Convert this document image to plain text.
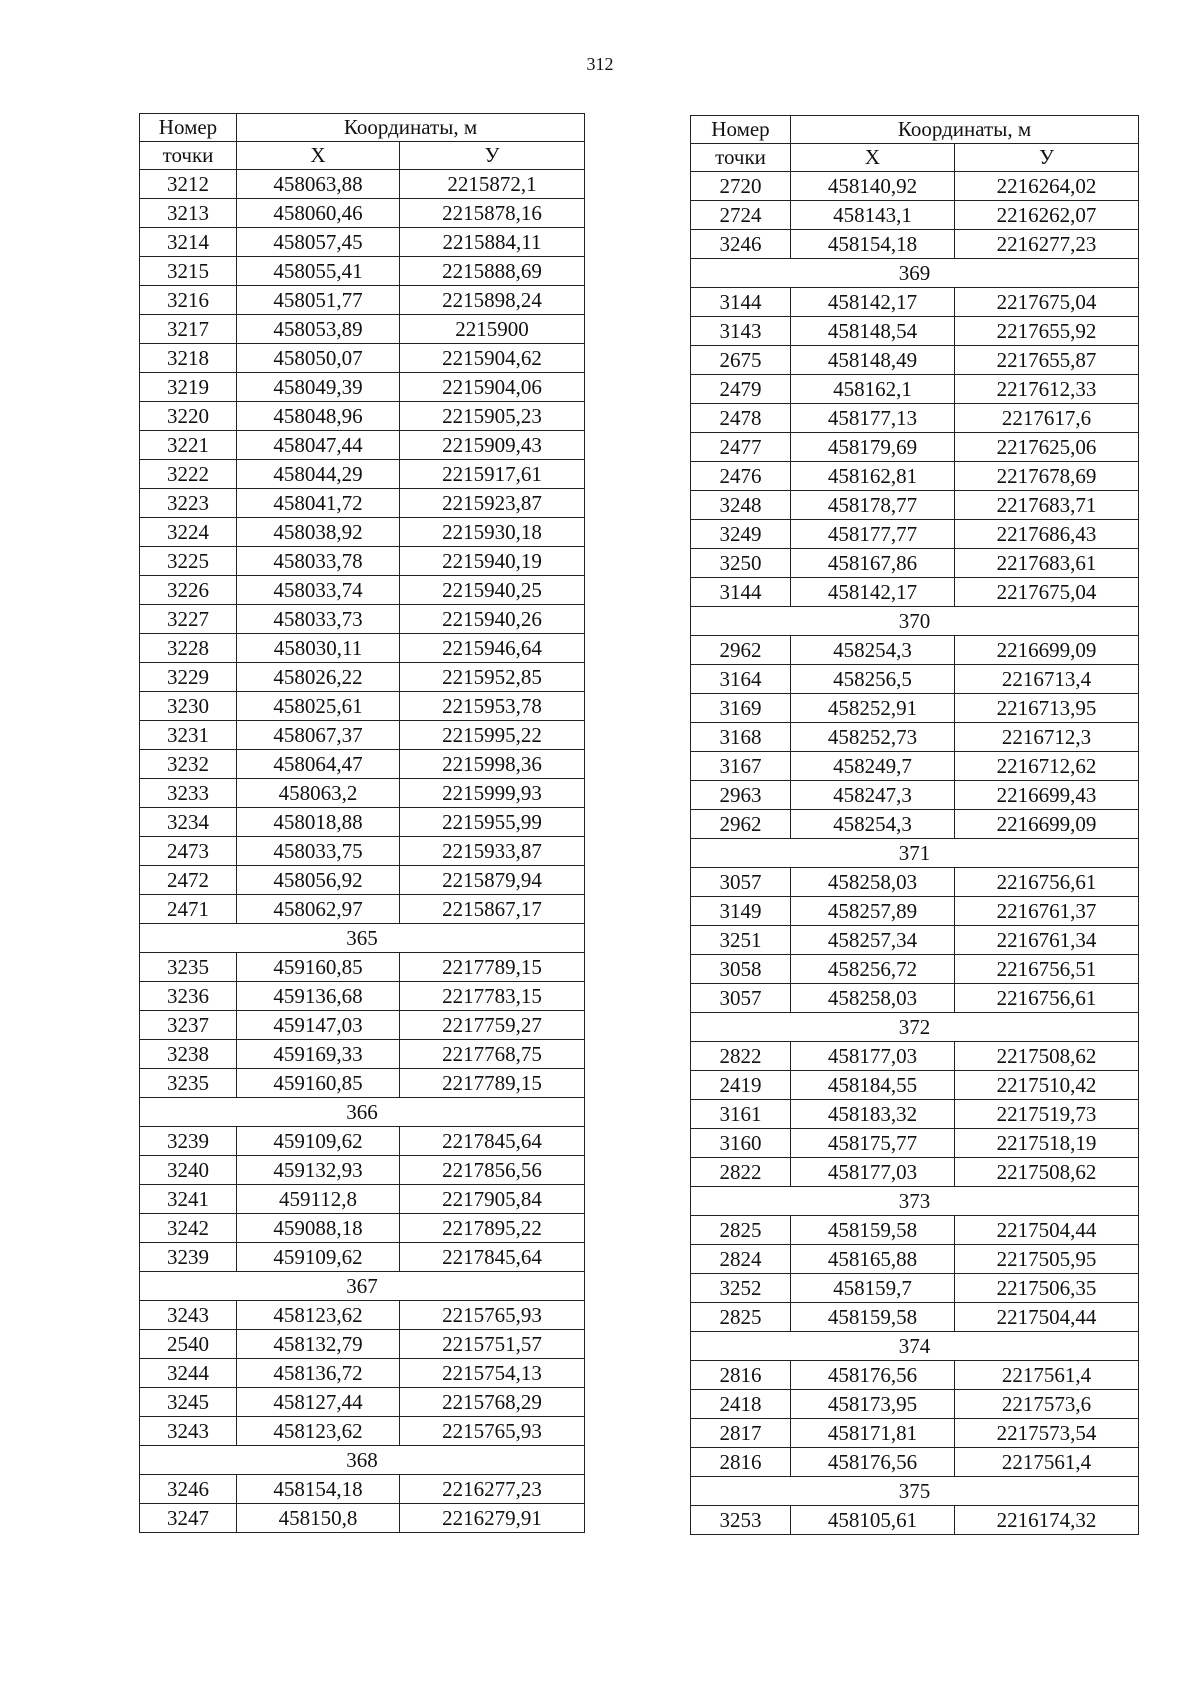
312
Номер	Координаты, м	
точки	X	У
3212	458063,88	2215872,1
3213	458060,46	2215878,16
3214	458057,45	2215884,11
3215	458055,41	2215888,69
3216	458051,77	2215898,24
3217	458053,89	2215900
3218	458050,07	2215904,62
3219	458049,39	2215904,06
3220	458048,96	2215905,23
3221	458047,44	2215909,43
3222	458044,29	2215917,61
3223	458041,72	2215923,87
3224	458038,92	2215930,18
3225	458033,78	2215940,19
3226	458033,74	2215940,25
3227	458033,73	2215940,26
3228	458030,11	2215946,64
3229	458026,22	2215952,85
3230	458025,61	2215953,78
3231	458067,37	2215995,22
3232	458064,47	2215998,36
3233	458063,2	2215999,93
3234	458018,88	2215955,99
2473	458033,75	2215933,87
2472	458056,92	2215879,94
2471	458062,97	2215867,17
365		
3235	459160,85	2217789,15
3236	459136,68	2217783,15
3237	459147,03	2217759,27
3238	459169,33	2217768,75
3235	459160,85	2217789,15
366		
3239	459109,62	2217845,64
3240	459132,93	2217856,56
3241	459112,8	2217905,84
3242	459088,18	2217895,22
3239	459109,62	2217845,64
367		
3243	458123,62	2215765,93
2540	458132,79	2215751,57
3244	458136,72	2215754,13
3245	458127,44	2215768,29
3243	458123,62	2215765,93
368		
3246	458154,18	2216277,23
3247	458150,8	2216279,91
Номер	Координаты, м	
точки	X	У
2720	458140,92	2216264,02
2724	458143,1	2216262,07
3246	458154,18	2216277,23
369		
3144	458142,17	2217675,04
3143	458148,54	2217655,92
2675	458148,49	2217655,87
2479	458162,1	2217612,33
2478	458177,13	2217617,6
2477	458179,69	2217625,06
2476	458162,81	2217678,69
3248	458178,77	2217683,71
3249	458177,77	2217686,43
3250	458167,86	2217683,61
3144	458142,17	2217675,04
370		
2962	458254,3	2216699,09
3164	458256,5	2216713,4
3169	458252,91	2216713,95
3168	458252,73	2216712,3
3167	458249,7	2216712,62
2963	458247,3	2216699,43
2962	458254,3	2216699,09
371		
3057	458258,03	2216756,61
3149	458257,89	2216761,37
3251	458257,34	2216761,34
3058	458256,72	2216756,51
3057	458258,03	2216756,61
372		
2822	458177,03	2217508,62
2419	458184,55	2217510,42
3161	458183,32	2217519,73
3160	458175,77	2217518,19
2822	458177,03	2217508,62
373		
2825	458159,58	2217504,44
2824	458165,88	2217505,95
3252	458159,7	2217506,35
2825	458159,58	2217504,44
374		
2816	458176,56	2217561,4
2418	458173,95	2217573,6
2817	458171,81	2217573,54
2816	458176,56	2217561,4
375		
3253	458105,61	2216174,32
